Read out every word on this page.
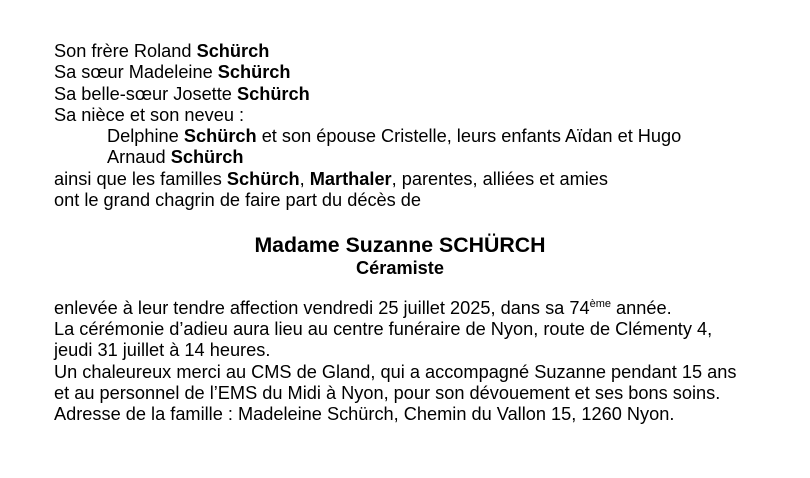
Son frère Roland Schürch
Sa sœur Madeleine Schürch
Sa belle-sœur Josette Schürch
Sa nièce et son neveu :
Delphine Schürch et son épouse Cristelle, leurs enfants Aïdan et Hugo
Arnaud Schürch
ainsi que les familles Schürch, Marthaler, parentes, alliées et amies
ont le grand chagrin de faire part du décès de
Madame Suzanne SCHÜRCH
Céramiste
enlevée à leur tendre affection vendredi 25 juillet 2025, dans sa 74ème année.
La cérémonie d’adieu aura lieu au centre funéraire de Nyon, route de Clémenty 4,
jeudi 31 juillet à 14 heures.
Un chaleureux merci au CMS de Gland, qui a accompagné Suzanne pendant 15 ans
et au personnel de l’EMS du Midi à Nyon, pour son dévouement et ses bons soins.
Adresse de la famille : Madeleine Schürch, Chemin du Vallon 15, 1260 Nyon.
